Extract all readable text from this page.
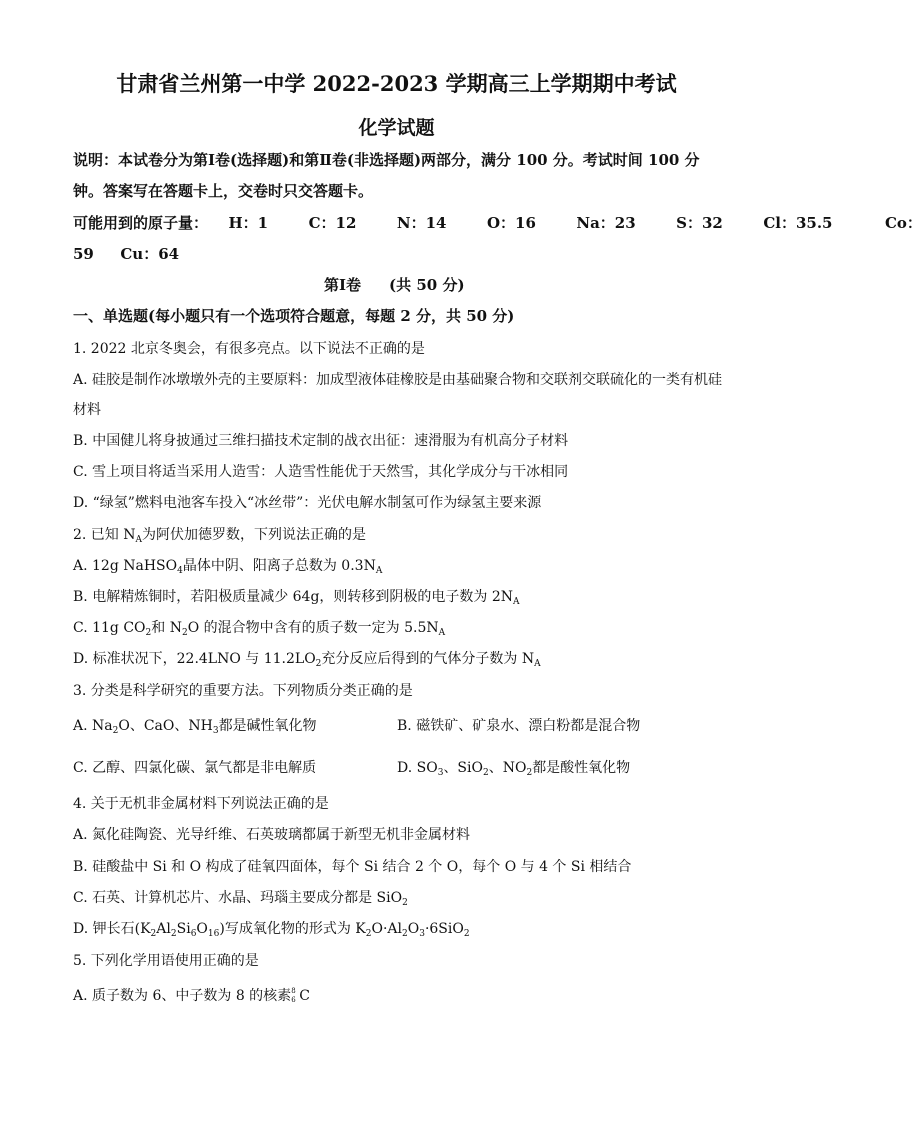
甘肃省兰州第一中学 2022-2023 学期高三上学期期中考试
化学试题
说明：本试卷分为第Ⅰ卷(选择题)和第Ⅱ卷(非选择题)两部分，满分 100 分。考试时间 100 分
钟。答案写在答题卡上，交卷时只交答题卡。
可能用到的原子量： H：1	C：12	N：14	O：16	Na：23	S：32	Cl：35.5	Co：
59 Cu：64
第Ⅰ卷 (共 50 分)
一、单选题(每小题只有一个选项符合题意，每题 2 分，共 50 分)
1. 2022 北京冬奥会，有很多亮点。以下说法不正确的是
A. 硅胶是制作冰墩墩外壳的主要原料：加成型液体硅橡胶是由基础聚合物和交联剂交联硫化的一类有机硅
材料
B. 中国健儿将身披通过三维扫描技术定制的战衣出征：速滑服为有机高分子材料
C. 雪上项目将适当采用人造雪：人造雪性能优于天然雪，其化学成分与干冰相同
D. “绿氢”燃料电池客车投入“冰丝带”：光伏电解水制氢可作为绿氢主要来源
2. 已知 $N_A$为阿伏加德罗数，下列说法正确的是
A. 12g NaHSO$_4$晶体中阴、阳离子总数为 $0.3N_A$
B. 电解精炼铜时，若阳极质量减少 64g，则转移到阴极的电子数为 $2N_A$
C. 11g $CO_2$和 $N_2O$ 的混合物中含有的质子数一定为 $5.5N_A$
D. 标准状况下，22.4LNO 与 $11.2LO_2$充分反应后得到的气体分子数为 $N_A$
3. 分类是科学研究的重要方法。下列物质分类正确的是
A. $Na_2O$、CaO、$NH_3$都是碱性氧化物	B. 磁铁矿、矿泉水、漂白粉都是混合物
C. 乙醇、四氯化碳、氯气都是非电解质	D. $SO_3$、SiO$_2$、$NO_2$都是酸性氧化物
4. 关于无机非金属材料下列说法正确的是
A. 氮化硅陶瓷、光导纤维、石英玻璃都属于新型无机非金属材料
B. 硅酸盐中 Si 和 O 构成了硅氧四面体，每个 Si 结合 2 个 O，每个 O 与 4 个 Si 相结合
C. 石英、计算机芯片、水晶、玛瑙主要成分都是 SiO$_2$
D. 钾长石$(K_2Al_2Si_6O_{16})$写成氧化物的形式为 $K_2O\cdot Al_2O_3\cdot 6SiO_2$
5. 下列化学用语使用正确的是
A. 质子数为 6、中子数为 8 的核素 8
6 C
